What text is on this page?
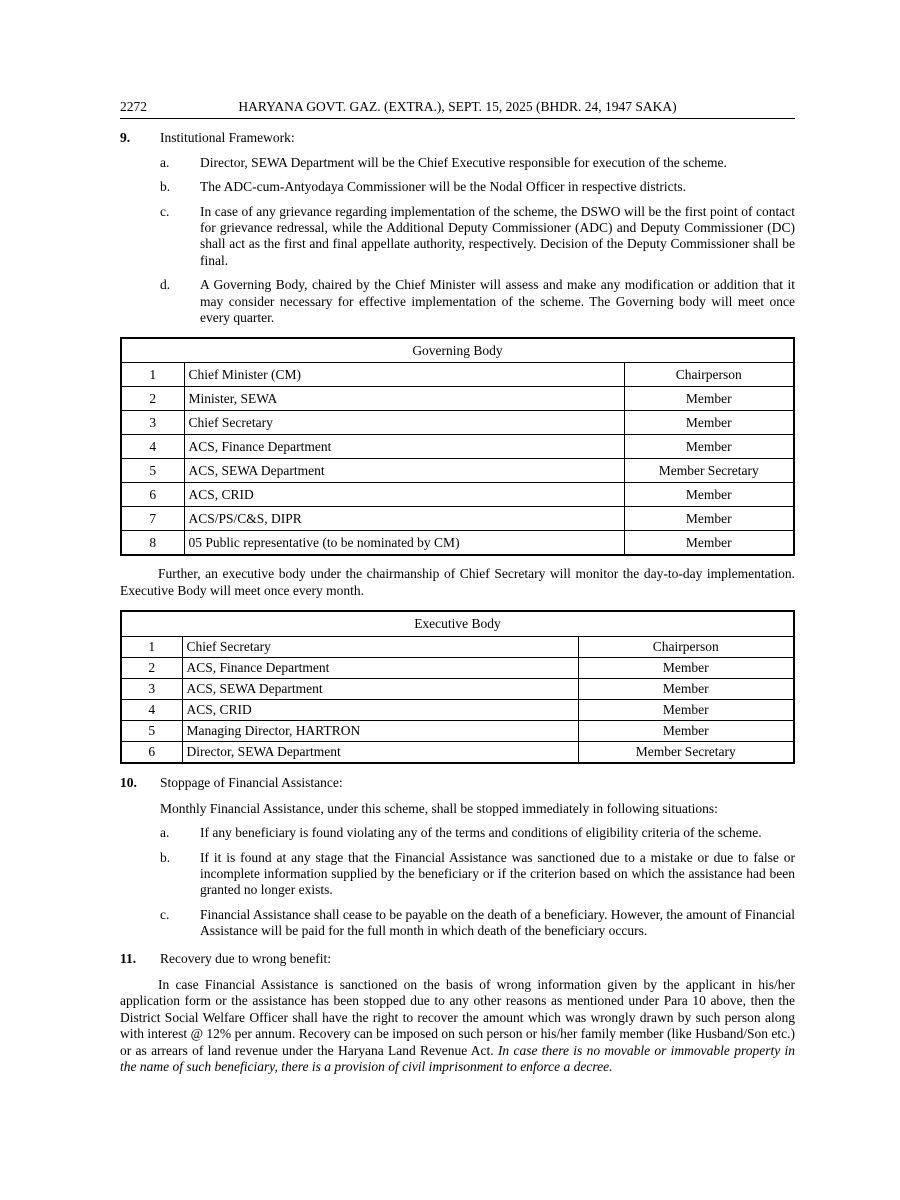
2272	HARYANA GOVT. GAZ. (EXTRA.), SEPT. 15, 2025 (BHDR. 24, 1947 SAKA)
9.	Institutional Framework:
a.	Director, SEWA Department will be the Chief Executive responsible for execution of the scheme.
b.	The ADC-cum-Antyodaya Commissioner will be the Nodal Officer in respective districts.
c.	In case of any grievance regarding implementation of the scheme, the DSWO will be the first point of contact for grievance redressal, while the Additional Deputy Commissioner (ADC) and Deputy Commissioner (DC) shall act as the first and final appellate authority, respectively. Decision of the Deputy Commissioner shall be final.
d.	A Governing Body, chaired by the Chief Minister will assess and make any modification or addition that it may consider necessary for effective implementation of the scheme. The Governing body will meet once every quarter.
Governing Body		
1	Chief Minister (CM)	Chairperson
2	Minister, SEWA	Member
3	Chief Secretary	Member
4	ACS, Finance Department	Member
5	ACS, SEWA Department	Member Secretary
6	ACS, CRID	Member
7	ACS/PS/C&S, DIPR	Member
8	05 Public representative (to be nominated by CM)	Member
Further, an executive body under the chairmanship of Chief Secretary will monitor the day-to-day implementation. Executive Body will meet once every month.
Executive Body		
1	Chief Secretary	Chairperson
2	ACS, Finance Department	Member
3	ACS, SEWA Department	Member
4	ACS, CRID	Member
5	Managing Director, HARTRON	Member
6	Director, SEWA Department	Member Secretary
10.	Stoppage of Financial Assistance:
Monthly Financial Assistance, under this scheme, shall be stopped immediately in following situations:
a.	If any beneficiary is found violating any of the terms and conditions of eligibility criteria of the scheme.
b.	If it is found at any stage that the Financial Assistance was sanctioned due to a mistake or due to false or incomplete information supplied by the beneficiary or if the criterion based on which the assistance had been granted no longer exists.
c.	Financial Assistance shall cease to be payable on the death of a beneficiary. However, the amount of Financial Assistance will be paid for the full month in which death of the beneficiary occurs.
11.	Recovery due to wrong benefit:
In case Financial Assistance is sanctioned on the basis of wrong information given by the applicant in his/her application form or the assistance has been stopped due to any other reasons as mentioned under Para 10 above, then the District Social Welfare Officer shall have the right to recover the amount which was wrongly drawn by such person along with interest @ 12% per annum. Recovery can be imposed on such person or his/her family member (like Husband/Son etc.) or as arrears of land revenue under the Haryana Land Revenue Act. In case there is no movable or immovable property in the name of such beneficiary, there is a provision of civil imprisonment to enforce a decree.
